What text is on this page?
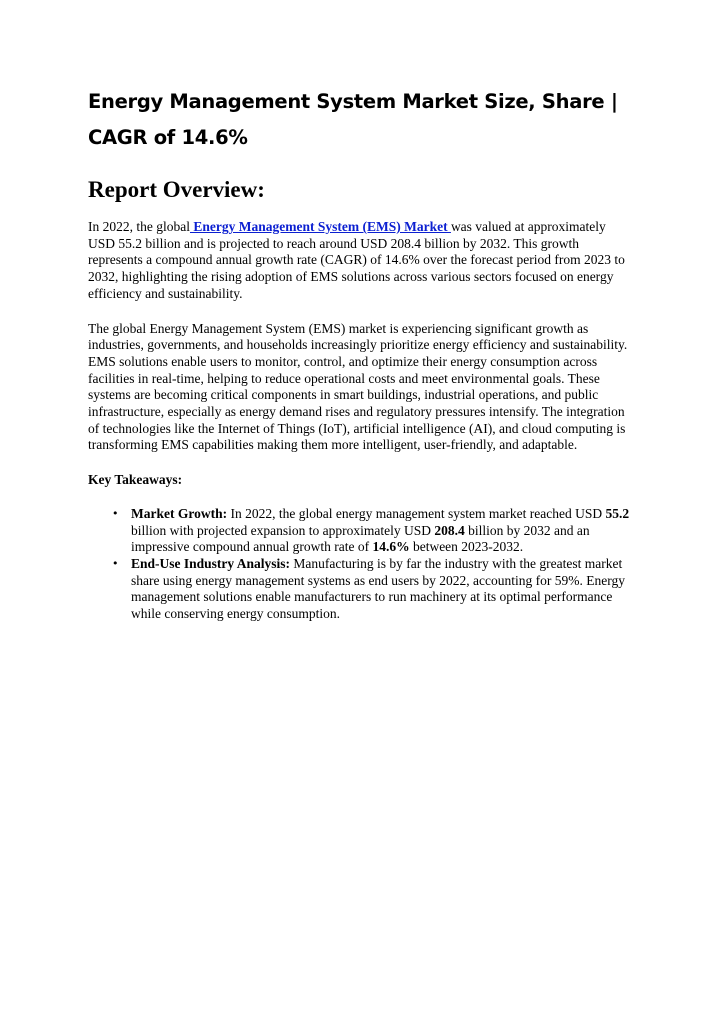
Energy Management System Market Size, Share | CAGR of 14.6%
Report Overview:

In 2022, the global Energy Management System (EMS) Market was valued at approximately USD 55.2 billion and is projected to reach around USD 208.4 billion by 2032. This growth represents a compound annual growth rate (CAGR) of 14.6% over the forecast period from 2023 to 2032, highlighting the rising adoption of EMS solutions across various sectors focused on energy efficiency and sustainability.

The global Energy Management System (EMS) market is experiencing significant growth as industries, governments, and households increasingly prioritize energy efficiency and sustainability. EMS solutions enable users to monitor, control, and optimize their energy consumption across facilities in real-time, helping to reduce operational costs and meet environmental goals. These systems are becoming critical components in smart buildings, industrial operations, and public infrastructure, especially as energy demand rises and regulatory pressures intensify. The integration of technologies like the Internet of Things (IoT), artificial intelligence (AI), and cloud computing is transforming EMS capabilities making them more intelligent, user-friendly, and adaptable.

Key Takeaways:
• Market Growth: In 2022, the global energy management system market reached USD 55.2 billion with projected expansion to approximately USD 208.4 billion by 2032 and an impressive compound annual growth rate of 14.6% between 2023-2032.
• End-Use Industry Analysis: Manufacturing is by far the industry with the greatest market share using energy management systems as end users by 2022, accounting for 59%. Energy management solutions enable manufacturers to run machinery at its optimal performance while conserving energy consumption.
